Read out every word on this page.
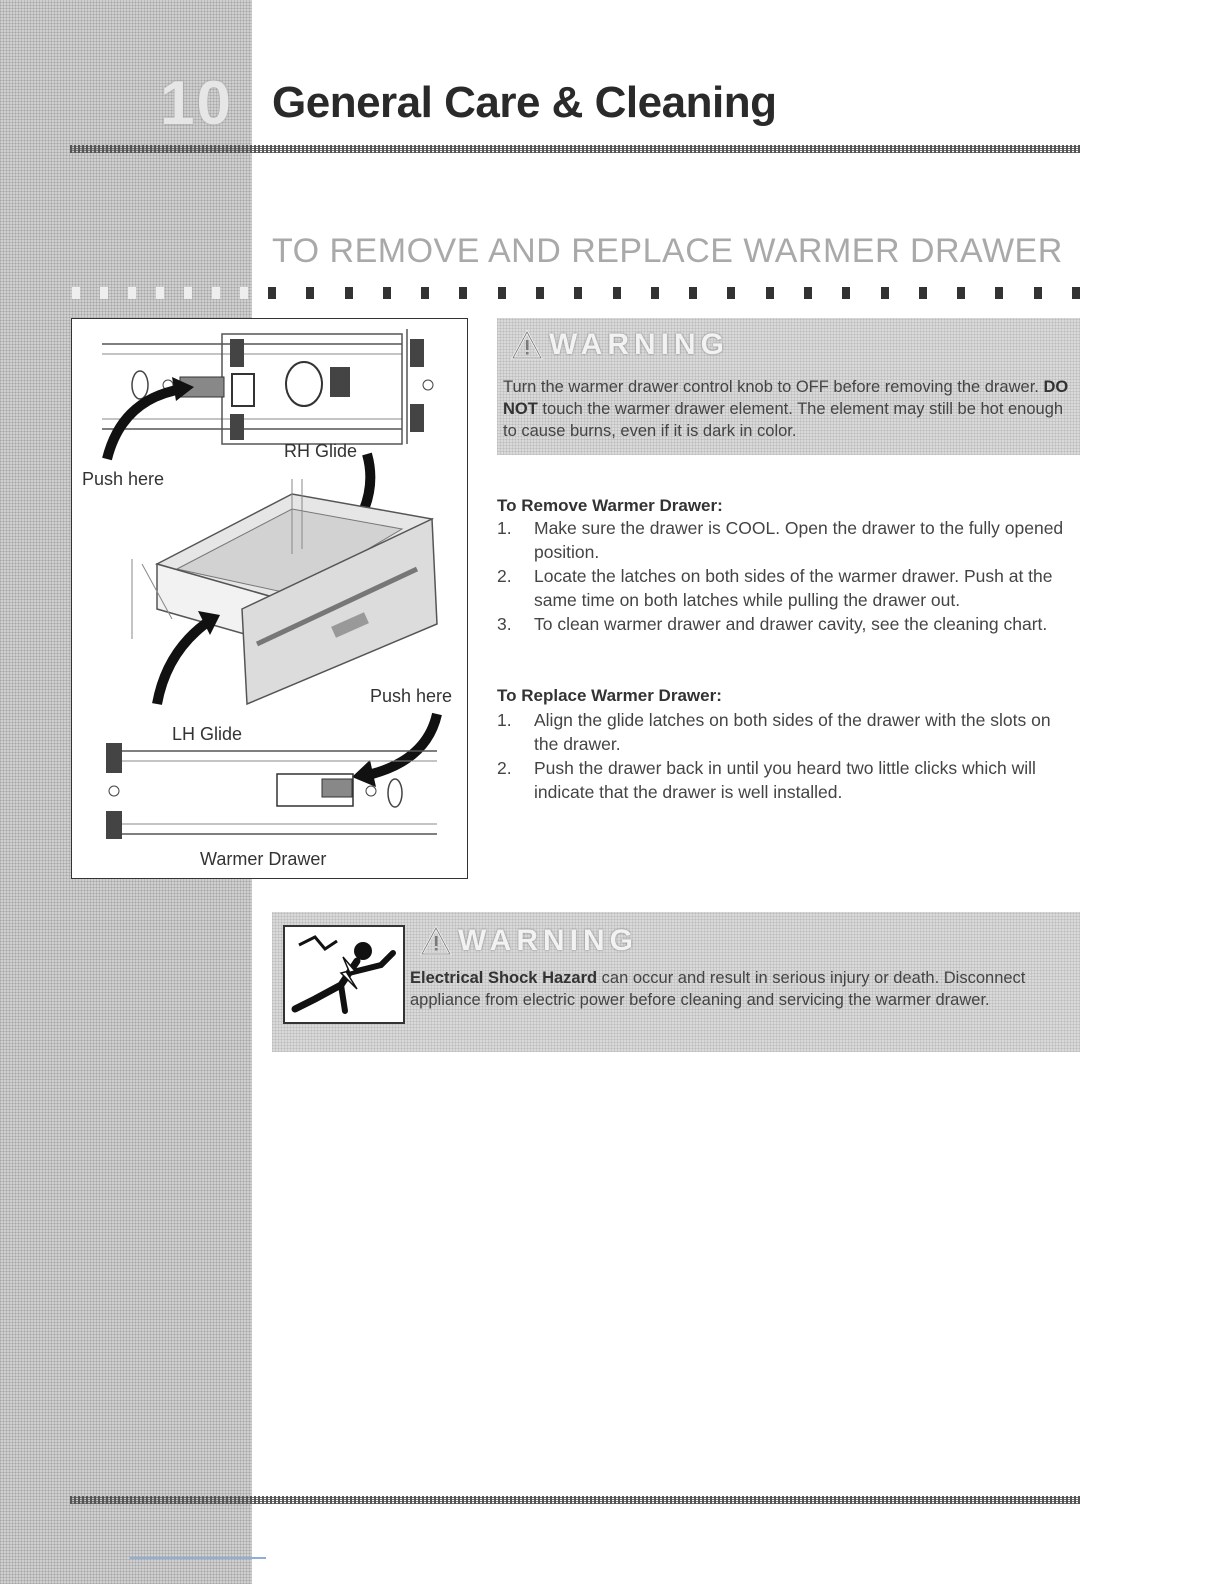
10 General Care & Cleaning
TO REMOVE AND REPLACE WARMER DRAWER
Push here
RH Glide
Push here
LH Glide
Warmer Drawer
WARNING
Turn the warmer drawer control knob to OFF before removing the drawer. DO NOT touch the warmer drawer element. The element may still be hot enough to cause burns, even if it is dark in color.
To Remove Warmer Drawer:
1. Make sure the drawer is COOL. Open the drawer to the fully opened position.
2. Locate the latches on both sides of the warmer drawer. Push at the same time on both latches while pulling the drawer out.
3. To clean warmer drawer and drawer cavity, see the cleaning chart.
To Replace Warmer Drawer:
1. Align the glide latches on both sides of the drawer with the slots on the drawer.
2. Push the drawer back in until you heard two little clicks which will indicate that the drawer is well installed.
WARNING
Electrical Shock Hazard can occur and result in serious injury or death. Disconnect appliance from electric power before cleaning and servicing the warmer drawer.
